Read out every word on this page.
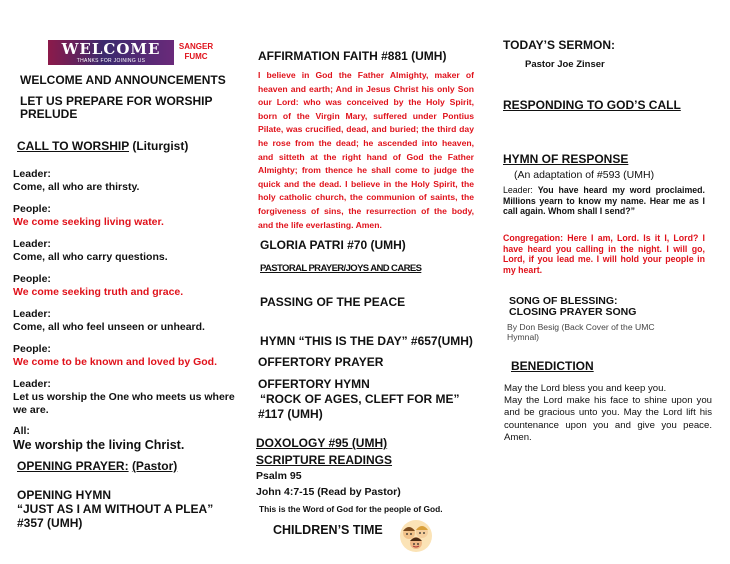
WELCOME
THANKS FOR JOINING US
SANGER
FUMC
WELCOME AND ANNOUNCEMENTS
LET US PREPARE FOR WORSHIP
PRELUDE
CALL TO WORSHIP (Liturgist)
Leader:
Come, all who are thirsty.
People:
We come seeking living water.
Leader:
Come, all who carry questions.
People:
We come seeking truth and grace.
Leader:
Come, all who feel unseen or unheard.
People:
We come to be known and loved by God.
Leader:
Let us worship the One who meets us where we are.
All:
We worship the living Christ.
OPENING PRAYER: (Pastor)
OPENING HYMN
“JUST AS I AM WITHOUT A PLEA”
#357 (UMH)
AFFIRMATION FAITH #881 (UMH)
I believe in God the Father Almighty, maker of heaven and earth; And in Jesus Christ his only Son our Lord: who was conceived by the Holy Spirit, born of the Virgin Mary, suffered under Pontius Pilate, was crucified, dead, and buried; the third day he rose from the dead; he ascended into heaven, and sitteth at the right hand of God the Father Almighty; from thence he shall come to judge the quick and the dead. I believe in the Holy Spirit, the holy catholic church, the communion of saints, the forgiveness of sins, the resurrection of the body, and the life everlasting. Amen.
GLORIA PATRI #70 (UMH)
PASTORAL PRAYER/JOYS AND CARES
PASSING OF THE PEACE
HYMN “THIS IS THE DAY” #657(UMH)
OFFERTORY PRAYER
OFFERTORY HYMN
“ROCK OF AGES, CLEFT FOR ME”
#117 (UMH)
DOXOLOGY #95 (UMH)
SCRIPTURE READINGS
Psalm 95
John 4:7-15 (Read by Pastor)
This is the Word of God for the people of God.
CHILDREN’S TIME
TODAY’S SERMON:
Pastor Joe Zinser
RESPONDING TO GOD’S CALL
HYMN OF RESPONSE
(An adaptation of #593 (UMH)
Leader: You have heard my word proclaimed. Millions yearn to know my name. Hear me as I call again. Whom shall I send?”
Congregation: Here I am, Lord. Is it I, Lord? I have heard you calling in the night. I will go, Lord, if you lead me. I will hold your people in my heart.
SONG OF BLESSING:
CLOSING PRAYER SONG
By Don Besig (Back Cover of the UMC Hymnal)
BENEDICTION
May the Lord bless you and keep you.
May the Lord make his face to shine upon you and be gracious unto you. May the Lord lift his countenance upon you and give you peace. Amen.
